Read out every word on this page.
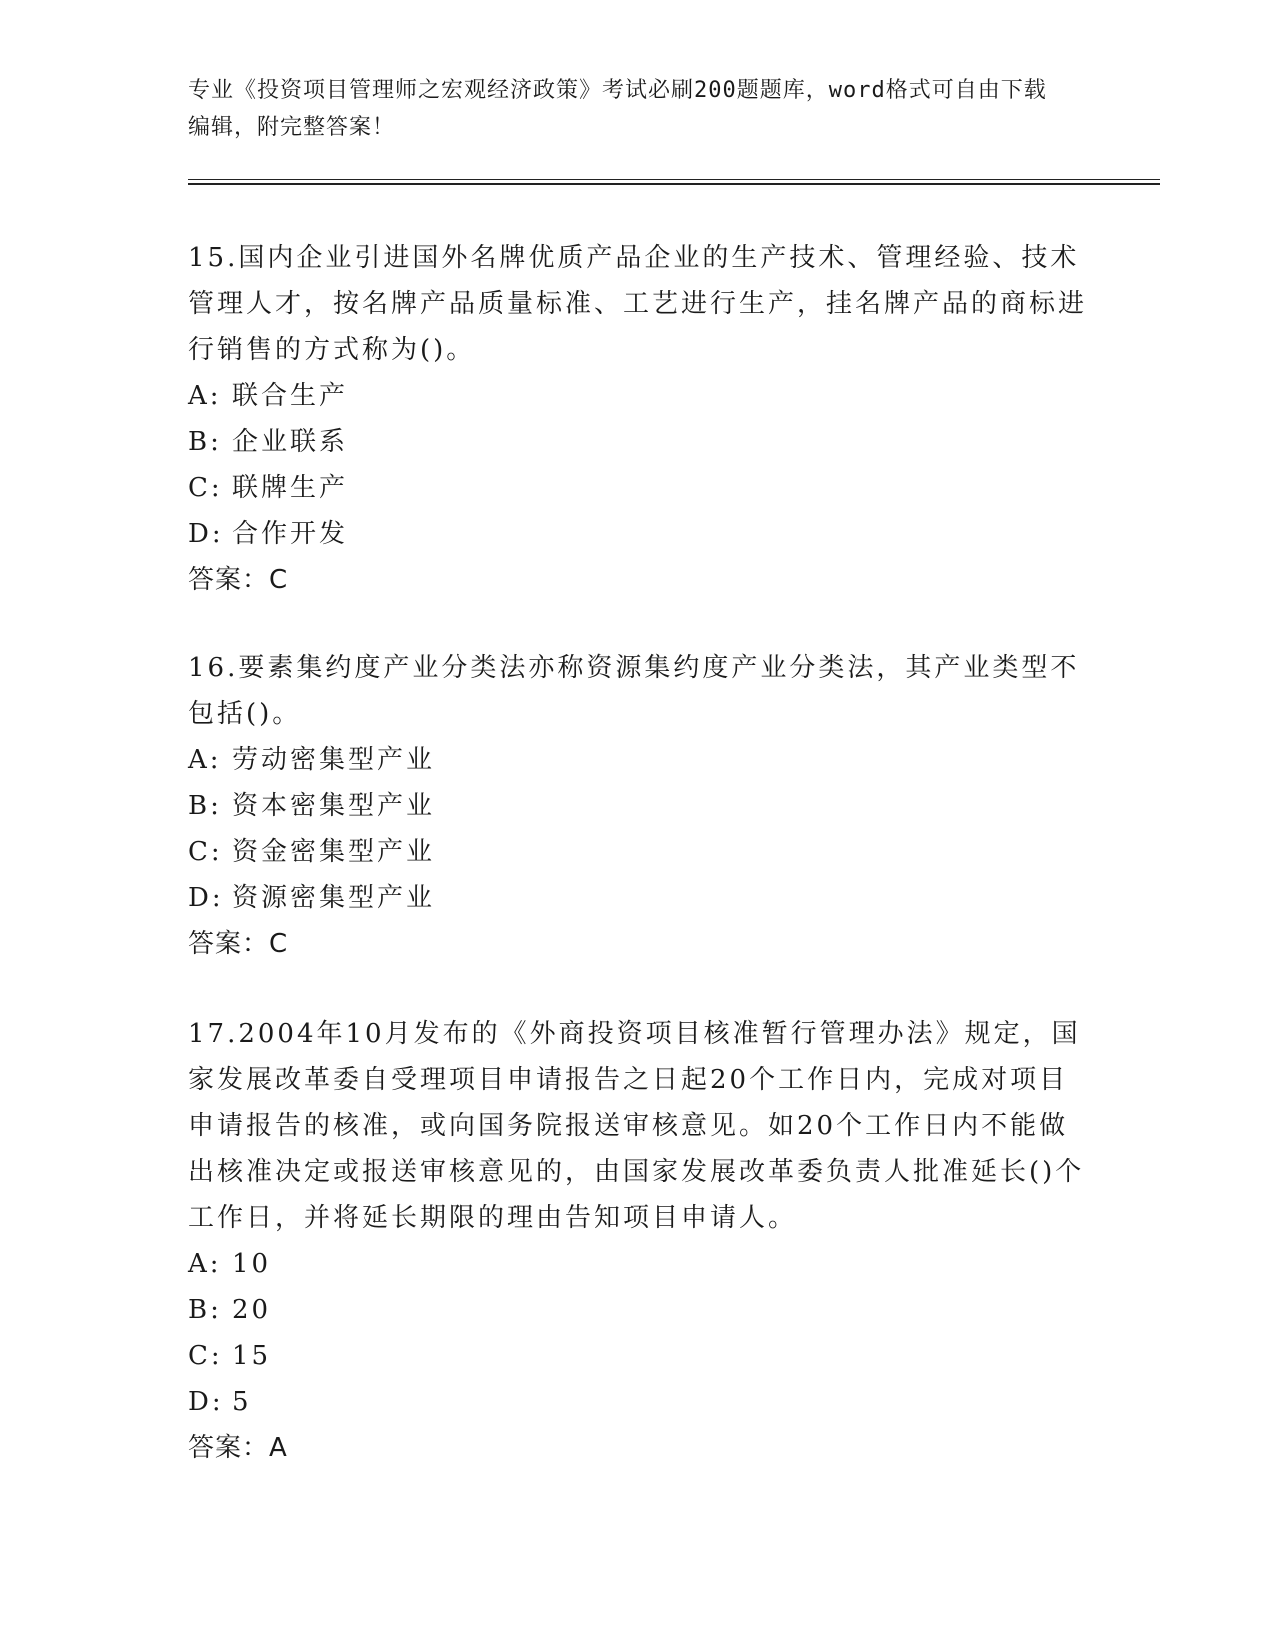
专业《投资项目管理师之宏观经济政策》考试必刷200题题库，word格式可自由下载编辑，附完整答案！

15.国内企业引进国外名牌优质产品企业的生产技术、管理经验、技术管理人才，按名牌产品质量标准、工艺进行生产，挂名牌产品的商标进行销售的方式称为()。

A: 联合生产

B: 企业联系

C: 联牌生产

D: 合作开发

答案：C

16.要素集约度产业分类法亦称资源集约度产业分类法，其产业类型不包括()。

A: 劳动密集型产业

B: 资本密集型产业

C: 资金密集型产业

D: 资源密集型产业

答案：C

17.2004年10月发布的《外商投资项目核准暂行管理办法》规定，国家发展改革委自受理项目申请报告之日起20个工作日内，完成对项目申请报告的核准，或向国务院报送审核意见。如20个工作日内不能做出核准决定或报送审核意见的，由国家发展改革委负责人批准延长()个工作日，并将延长期限的理由告知项目申请人。

A: 10

B: 20

C: 15

D: 5

答案：A
